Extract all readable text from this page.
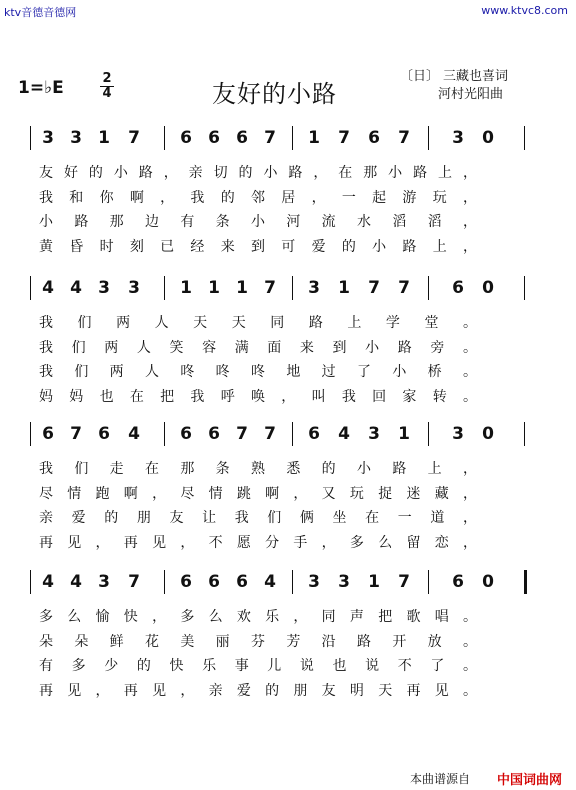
ktv音德音德网	www.ktvc8.com
1=♭E	2
4	友好的小路
〔日〕 三藏也喜词
河村光阳曲
3 3 1 7 6 6 6 7 1 7 6 7 3 0
友 好 的 小 路 ， 亲 切 的 小 路 ， 在 那 小 路 上 ，
我 和 你 啊 ， 我 的 邻 居 ， 一 起 游 玩 ，
小 路 那 边 有 条 小 河 流 水 滔 滔 ，
黄 昏 时 刻 已 经 来 到 可 爱 的 小 路 上 ，
4 4 3 3 1 1 1 7 3 1 7 7 6 0
我 们 两 人 天 天 同 路 上 学 堂 。
我 们 两 人 笑 容 满 面 来 到 小 路 旁 。
我 们 两 人 咚 咚 咚 地 过 了 小 桥 。
妈 妈 也 在 把 我 呼 唤 ， 叫 我 回 家 转 。
6 7 6 4 6 6 7 7 6 4 3 1 3 0
我 们 走 在 那 条 熟 悉 的 小 路 上 ，
尽 情 跑 啊 ， 尽 情 跳 啊 ， 又 玩 捉 迷 藏 ，
亲 爱 的 朋 友 让 我 们 俩 坐 在 一 道 ，
再 见 ， 再 见 ， 不 愿 分 手 ， 多 么 留 恋 ，
4 4 3 7 6 6 6 4 3 3 1 7 6 0
多 么 愉 快 ， 多 么 欢 乐 ， 同 声 把 歌 唱 。
朵 朵 鲜 花 美 丽 芬 芳 沿 路 开 放 。
有 多 少 的 快 乐 事 儿 说 也 说 不 了 。
再 见 ， 再 见 ， 亲 爱 的 朋 友 明 天 再 见 。
本曲谱源自 中国词曲网
